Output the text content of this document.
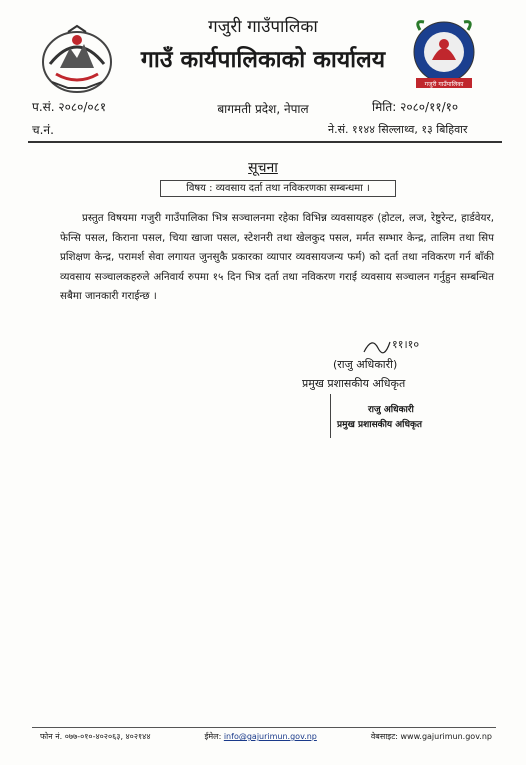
गजुरी गाउँपालिका
गजुरी गाउँपालिका
गाउँ कार्यपालिकाको कार्यालय
प.सं. २०८०/०८१
च.नं.
बागमती प्रदेश, नेपाल	मिति: २०८०/११/१०
ने.सं. ११४४ सिल्लाथ्व, १३ बिहिवार
सूचना
विषय : व्यवसाय दर्ता तथा नविकरणका सम्बन्धमा ।
प्रस्तुत विषयमा गजुरी गाउँपालिका भित्र सञ्चालनमा रहेका विभिन्न व्यवसायहरु (होटल, लज, रेष्टुरेन्ट, हार्डवेयर, फेन्सि पसल, किराना पसल, चिया खाजा पसल, स्टेशनरी तथा खेलकुद पसल, मर्मत सम्भार केन्द्र, तालिम तथा सिप प्रशिक्षण केन्द्र, परामर्श सेवा लगायत जुनसुकै प्रकारका व्यापार व्यवसायजन्य फर्म) को दर्ता तथा नविकरण गर्न बाँकी व्यवसाय सञ्चालकहरुले अनिवार्य रुपमा १५ दिन भित्र दर्ता तथा नविकरण गराई व्यवसाय सञ्चालन गर्नुहुन सम्बन्धित सबैमा जानकारी गराईन्छ ।
११।१०
(राजु अधिकारी)
प्रमुख प्रशासकीय अधिकृत
राजु अधिकारी
प्रमुख प्रशासकीय अधिकृत
फोन नं. ०७७-०१०-४०२०६३, ४०२१४४	ईमेल: info@gajurimun.gov.np	वेबसाइट: www.gajurimun.gov.np
